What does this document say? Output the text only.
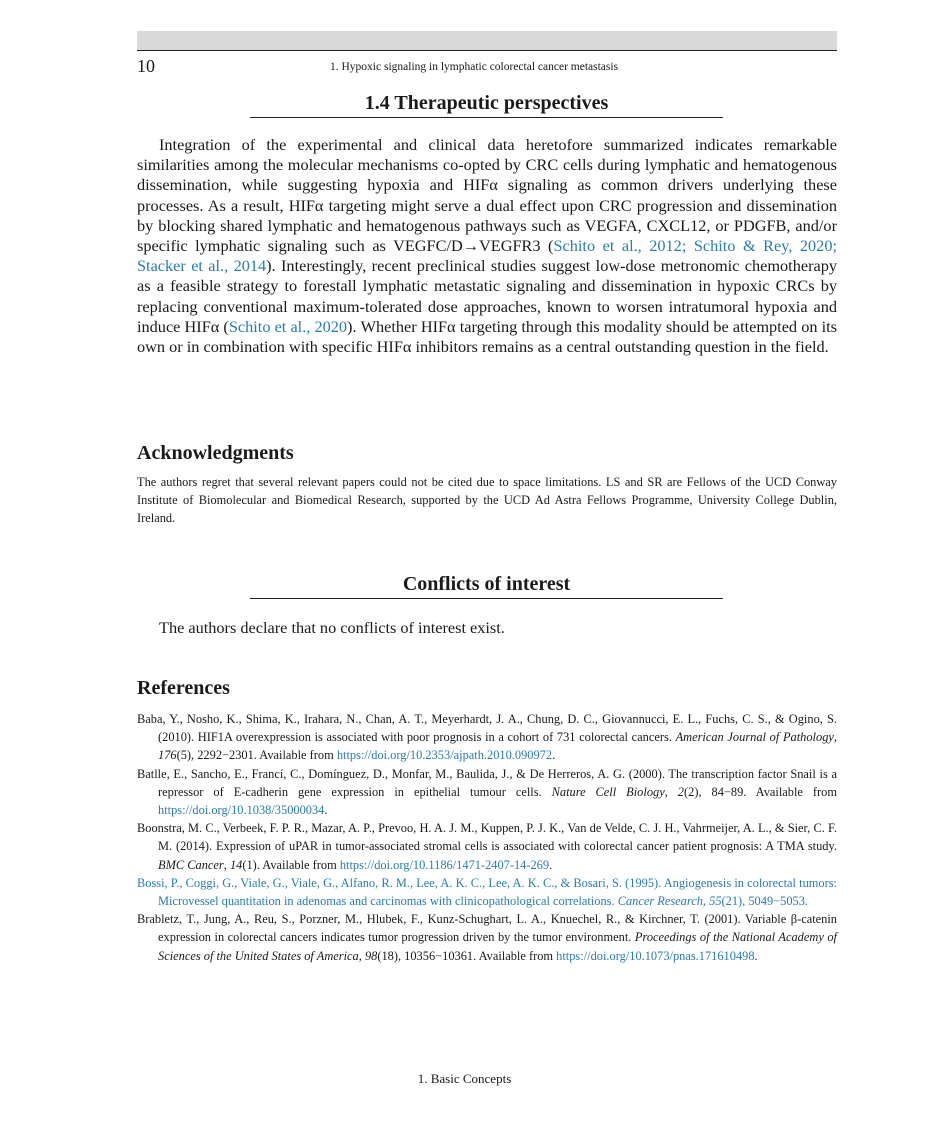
10	1. Hypoxic signaling in lymphatic colorectal cancer metastasis
1.4 Therapeutic perspectives
Integration of the experimental and clinical data heretofore summarized indicates remarkable similarities among the molecular mechanisms co-opted by CRC cells during lymphatic and hematogenous dissemination, while suggesting hypoxia and HIFα signaling as common drivers underlying these processes. As a result, HIFα targeting might serve a dual effect upon CRC progression and dissemination by blocking shared lymphatic and hematogenous pathways such as VEGFA, CXCL12, or PDGFB, and/or specific lymphatic signaling such as VEGFC/D→VEGFR3 (Schito et al., 2012; Schito & Rey, 2020; Stacker et al., 2014). Interestingly, recent preclinical studies suggest low-dose metronomic chemotherapy as a feasible strategy to forestall lymphatic metastatic signaling and dissemination in hypoxic CRCs by replacing conventional maximum-tolerated dose approaches, known to worsen intratumoral hypoxia and induce HIFα (Schito et al., 2020). Whether HIFα targeting through this modality should be attempted on its own or in combination with specific HIFα inhibitors remains as a central outstanding question in the field.
Acknowledgments
The authors regret that several relevant papers could not be cited due to space limitations. LS and SR are Fellows of the UCD Conway Institute of Biomolecular and Biomedical Research, supported by the UCD Ad Astra Fellows Programme, University College Dublin, Ireland.
Conflicts of interest
The authors declare that no conflicts of interest exist.
References

Baba, Y., Nosho, K., Shima, K., Irahara, N., Chan, A. T., Meyerhardt, J. A., Chung, D. C., Giovannucci, E. L., Fuchs, C. S., & Ogino, S. (2010). HIF1A overexpression is associated with poor prognosis in a cohort of 731 colorectal cancers. American Journal of Pathology, 176(5), 2292−2301. Available from https://doi.org/10.2353/ajpath.2010.090972.

Batlle, E., Sancho, E., Francí, C., Domínguez, D., Monfar, M., Baulida, J., & De Herreros, A. G. (2000). The transcription factor Snail is a repressor of E-cadherin gene expression in epithelial tumour cells. Nature Cell Biology, 2(2), 84−89. Available from https://doi.org/10.1038/35000034.

Boonstra, M. C., Verbeek, F. P. R., Mazar, A. P., Prevoo, H. A. J. M., Kuppen, P. J. K., Van de Velde, C. J. H., Vahrmeijer, A. L., & Sier, C. F. M. (2014). Expression of uPAR in tumor-associated stromal cells is associated with colorectal cancer patient prognosis: A TMA study. BMC Cancer, 14(1). Available from https://doi.org/10.1186/1471-2407-14-269.

Bossi, P., Coggi, G., Viale, G., Viale, G., Alfano, R. M., Lee, A. K. C., Lee, A. K. C., & Bosari, S. (1995). Angiogenesis in colorectal tumors: Microvessel quantitation in adenomas and carcinomas with clinicopathological correlations. Cancer Research, 55(21), 5049−5053.

Brabletz, T., Jung, A., Reu, S., Porzner, M., Hlubek, F., Kunz-Schughart, L. A., Knuechel, R., & Kirchner, T. (2001). Variable β-catenin expression in colorectal cancers indicates tumor progression driven by the tumor environment. Proceedings of the National Academy of Sciences of the United States of America, 98(18), 10356−10361. Available from https://doi.org/10.1073/pnas.171610498.

1. Basic Concepts
